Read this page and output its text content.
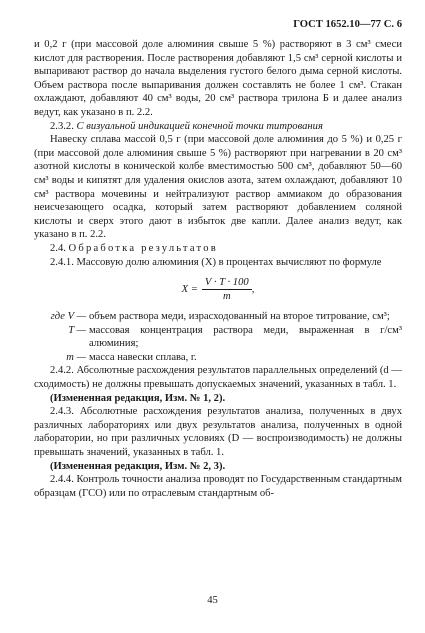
ГОСТ 1652.10—77 С. 6

и 0,2 г (при массовой доле алюминия свыше 5 %) растворяют в 3 см³ смеси кислот для растворения. После растворения добавляют 1,5 см³ серной кислоты и выпаривают раствор до начала выделения густого белого дыма серной кислоты. Объем раствора после выпаривания должен составлять не более 1 см³. Стакан охлаждают, добавляют 40 см³ воды, 20 см³ раствора трилона Б и далее анализ ведут, как указано в п. 2.2.

2.3.2. С визуальной индикацией конечной точки титрования

Навеску сплава массой 0,5 г (при массовой доле алюминия до 5 %) и 0,25 г (при массовой доле алюминия свыше 5 %) растворяют при нагревании в 20 см³ азотной кислоты в конической колбе вместимостью 500 см³, добавляют 50—60 см³ воды и кипятят для удаления окислов азота, затем охлаждают, добавляют 10 см³ раствора мочевины и нейтрализуют раствор аммиаком до образования неисчезающего осадка, который затем растворяют добавлением соляной кислоты и сверх этого дают в избыток две капли. Далее анализ ведут, как указано в п. 2.2.

2.4. Обработка результатов

2.4.1. Массовую долю алюминия (X) в процентах вычисляют по формуле

$X = \frac{V \cdot T \cdot 100}{m}$ ,
где V —	объем раствора меди, израсходованный на второе титрование, см³;
T —	массовая концентрация раствора меди, выраженная в г/см³ алюминия;
m —	масса навески сплава, г.

2.4.2. Абсолютные расхождения результатов параллельных определений (d — сходимость) не должны превышать допускаемых значений, указанных в табл. 1.

(Измененная редакция, Изм. № 1, 2).

2.4.3. Абсолютные расхождения результатов анализа, полученных в двух различных лабораториях или двух результатов анализа, полученных в одной лаборатории, но при различных условиях (D — воспроизводимость) не должны превышать значений, указанных в табл. 1.

(Измененная редакция, Изм. № 2, 3).

2.4.4. Контроль точности анализа проводят по Государственным стандартным образцам (ГСО) или по отраслевым стандартным об-

45
